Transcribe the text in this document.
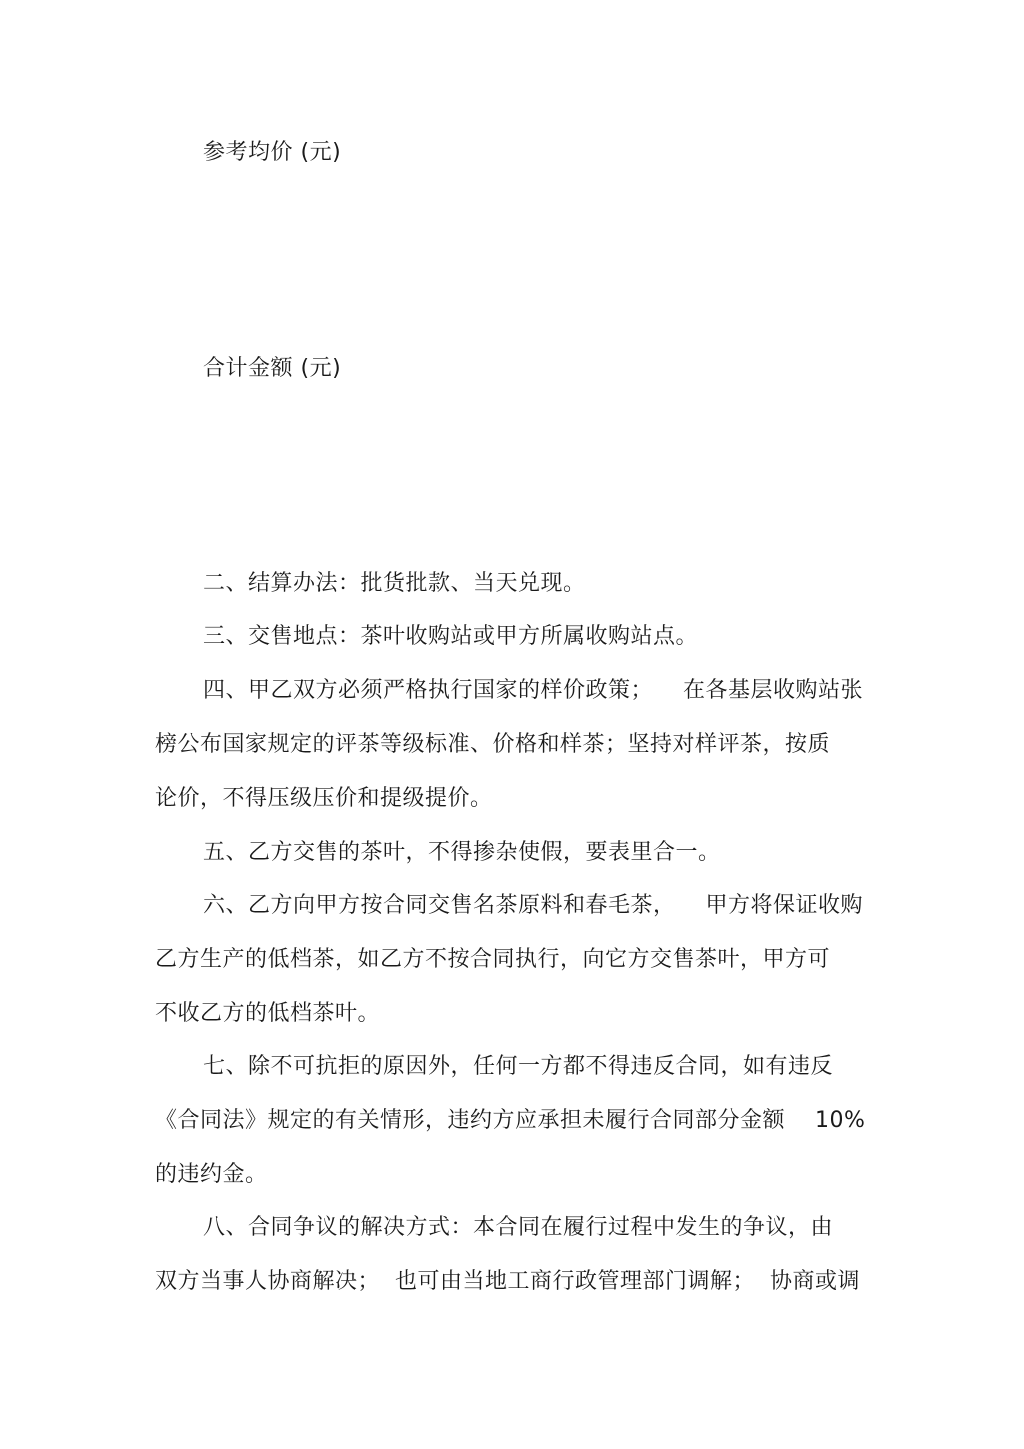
参考均价 (元)
合计金额 (元)
二、结算办法：批货批款、当天兑现。
三、交售地点：茶叶收购站或甲方所属收购站点。
四、甲乙双方必须严格执行国家的样价政策；    在各基层收购站张
榜公布国家规定的评茶等级标准、价格和样茶；坚持对样评茶，按质
论价，不得压级压价和提级提价。
五、乙方交售的茶叶，不得掺杂使假，要表里合一。
六、乙方向甲方按合同交售名茶原料和春毛茶，    甲方将保证收购
乙方生产的低档茶，如乙方不按合同执行，向它方交售茶叶，甲方可
不收乙方的低档茶叶。
七、除不可抗拒的原因外，任何一方都不得违反合同，如有违反
《合同法》规定的有关情形，违约方应承担未履行合同部分金额    10%
的违约金。
八、合同争议的解决方式：本合同在履行过程中发生的争议，由
双方当事人协商解决；  也可由当地工商行政管理部门调解；  协商或调
